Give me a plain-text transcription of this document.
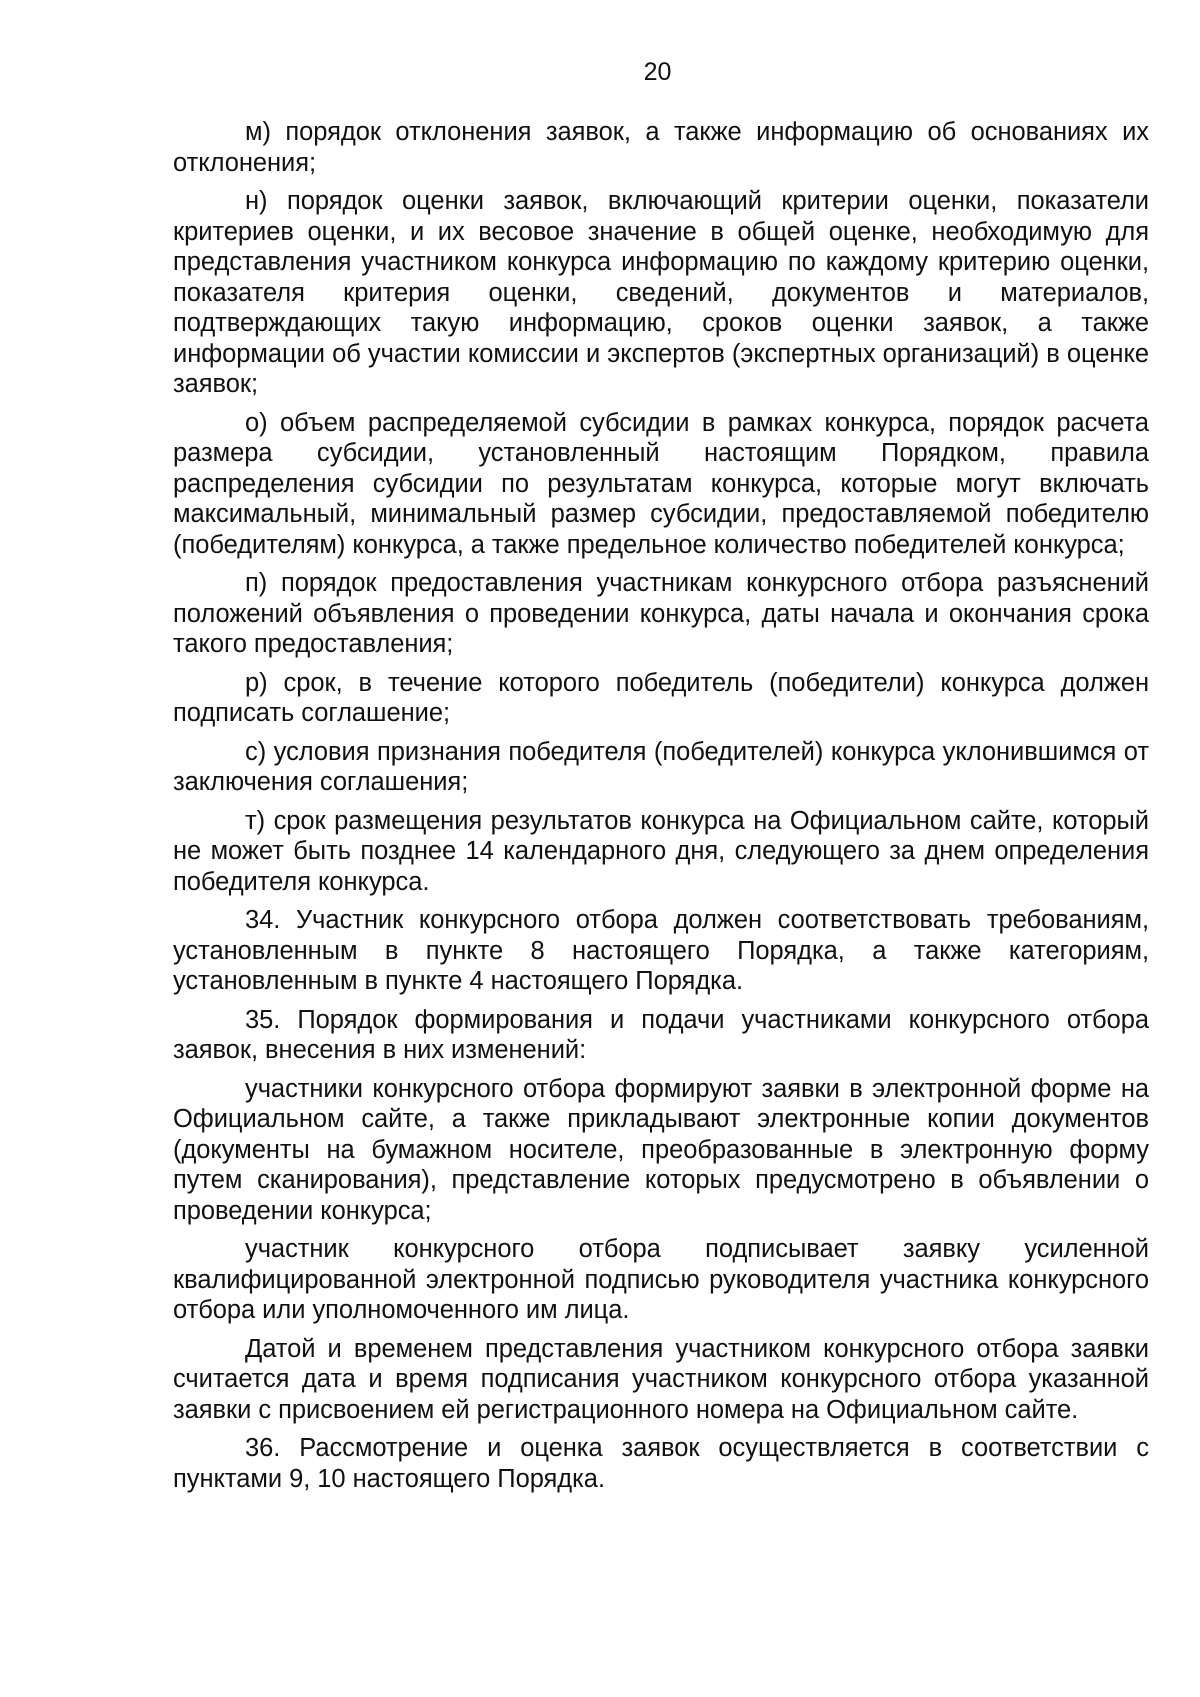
20

м) порядок отклонения заявок, а также информацию об основаниях их отклонения;

н) порядок оценки заявок, включающий критерии оценки, показатели критериев оценки, и их весовое значение в общей оценке, необходимую для представления участником конкурса информацию по каждому критерию оценки, показателя критерия оценки, сведений, документов и материалов, подтверждающих такую информацию, сроков оценки заявок, а также информации об участии комиссии и экспертов (экспертных организаций) в оценке заявок;

о) объем распределяемой субсидии в рамках конкурса, порядок расчета размера субсидии, установленный настоящим Порядком, правила распределения субсидии по результатам конкурса, которые могут включать максимальный, минимальный размер субсидии, предоставляемой победителю (победителям) конкурса, а также предельное количество победителей конкурса;

п) порядок предоставления участникам конкурсного отбора разъяснений положений объявления о проведении конкурса, даты начала и окончания срока такого предоставления;

р) срок, в течение которого победитель (победители) конкурса должен подписать соглашение;

с) условия признания победителя (победителей) конкурса уклонившимся от заключения соглашения;

т) срок размещения результатов конкурса на Официальном сайте, который не может быть позднее 14 календарного дня, следующего за днем определения победителя конкурса.

34. Участник конкурсного отбора должен соответствовать требованиям, установленным в пункте 8 настоящего Порядка, а также категориям, установленным в пункте 4 настоящего Порядка.

35. Порядок формирования и подачи участниками конкурсного отбора заявок, внесения в них изменений:

участники конкурсного отбора формируют заявки в электронной форме на Официальном сайте, а также прикладывают электронные копии документов (документы на бумажном носителе, преобразованные в электронную форму путем сканирования), представление которых предусмотрено в объявлении о проведении конкурса;

участник конкурсного отбора подписывает заявку усиленной квалифицированной электронной подписью руководителя участника конкурсного отбора или уполномоченного им лица.

Датой и временем представления участником конкурсного отбора заявки считается дата и время подписания участником конкурсного отбора указанной заявки с присвоением ей регистрационного номера на Официальном сайте.

36. Рассмотрение и оценка заявок осуществляется в соответствии с пунктами 9, 10 настоящего Порядка.
